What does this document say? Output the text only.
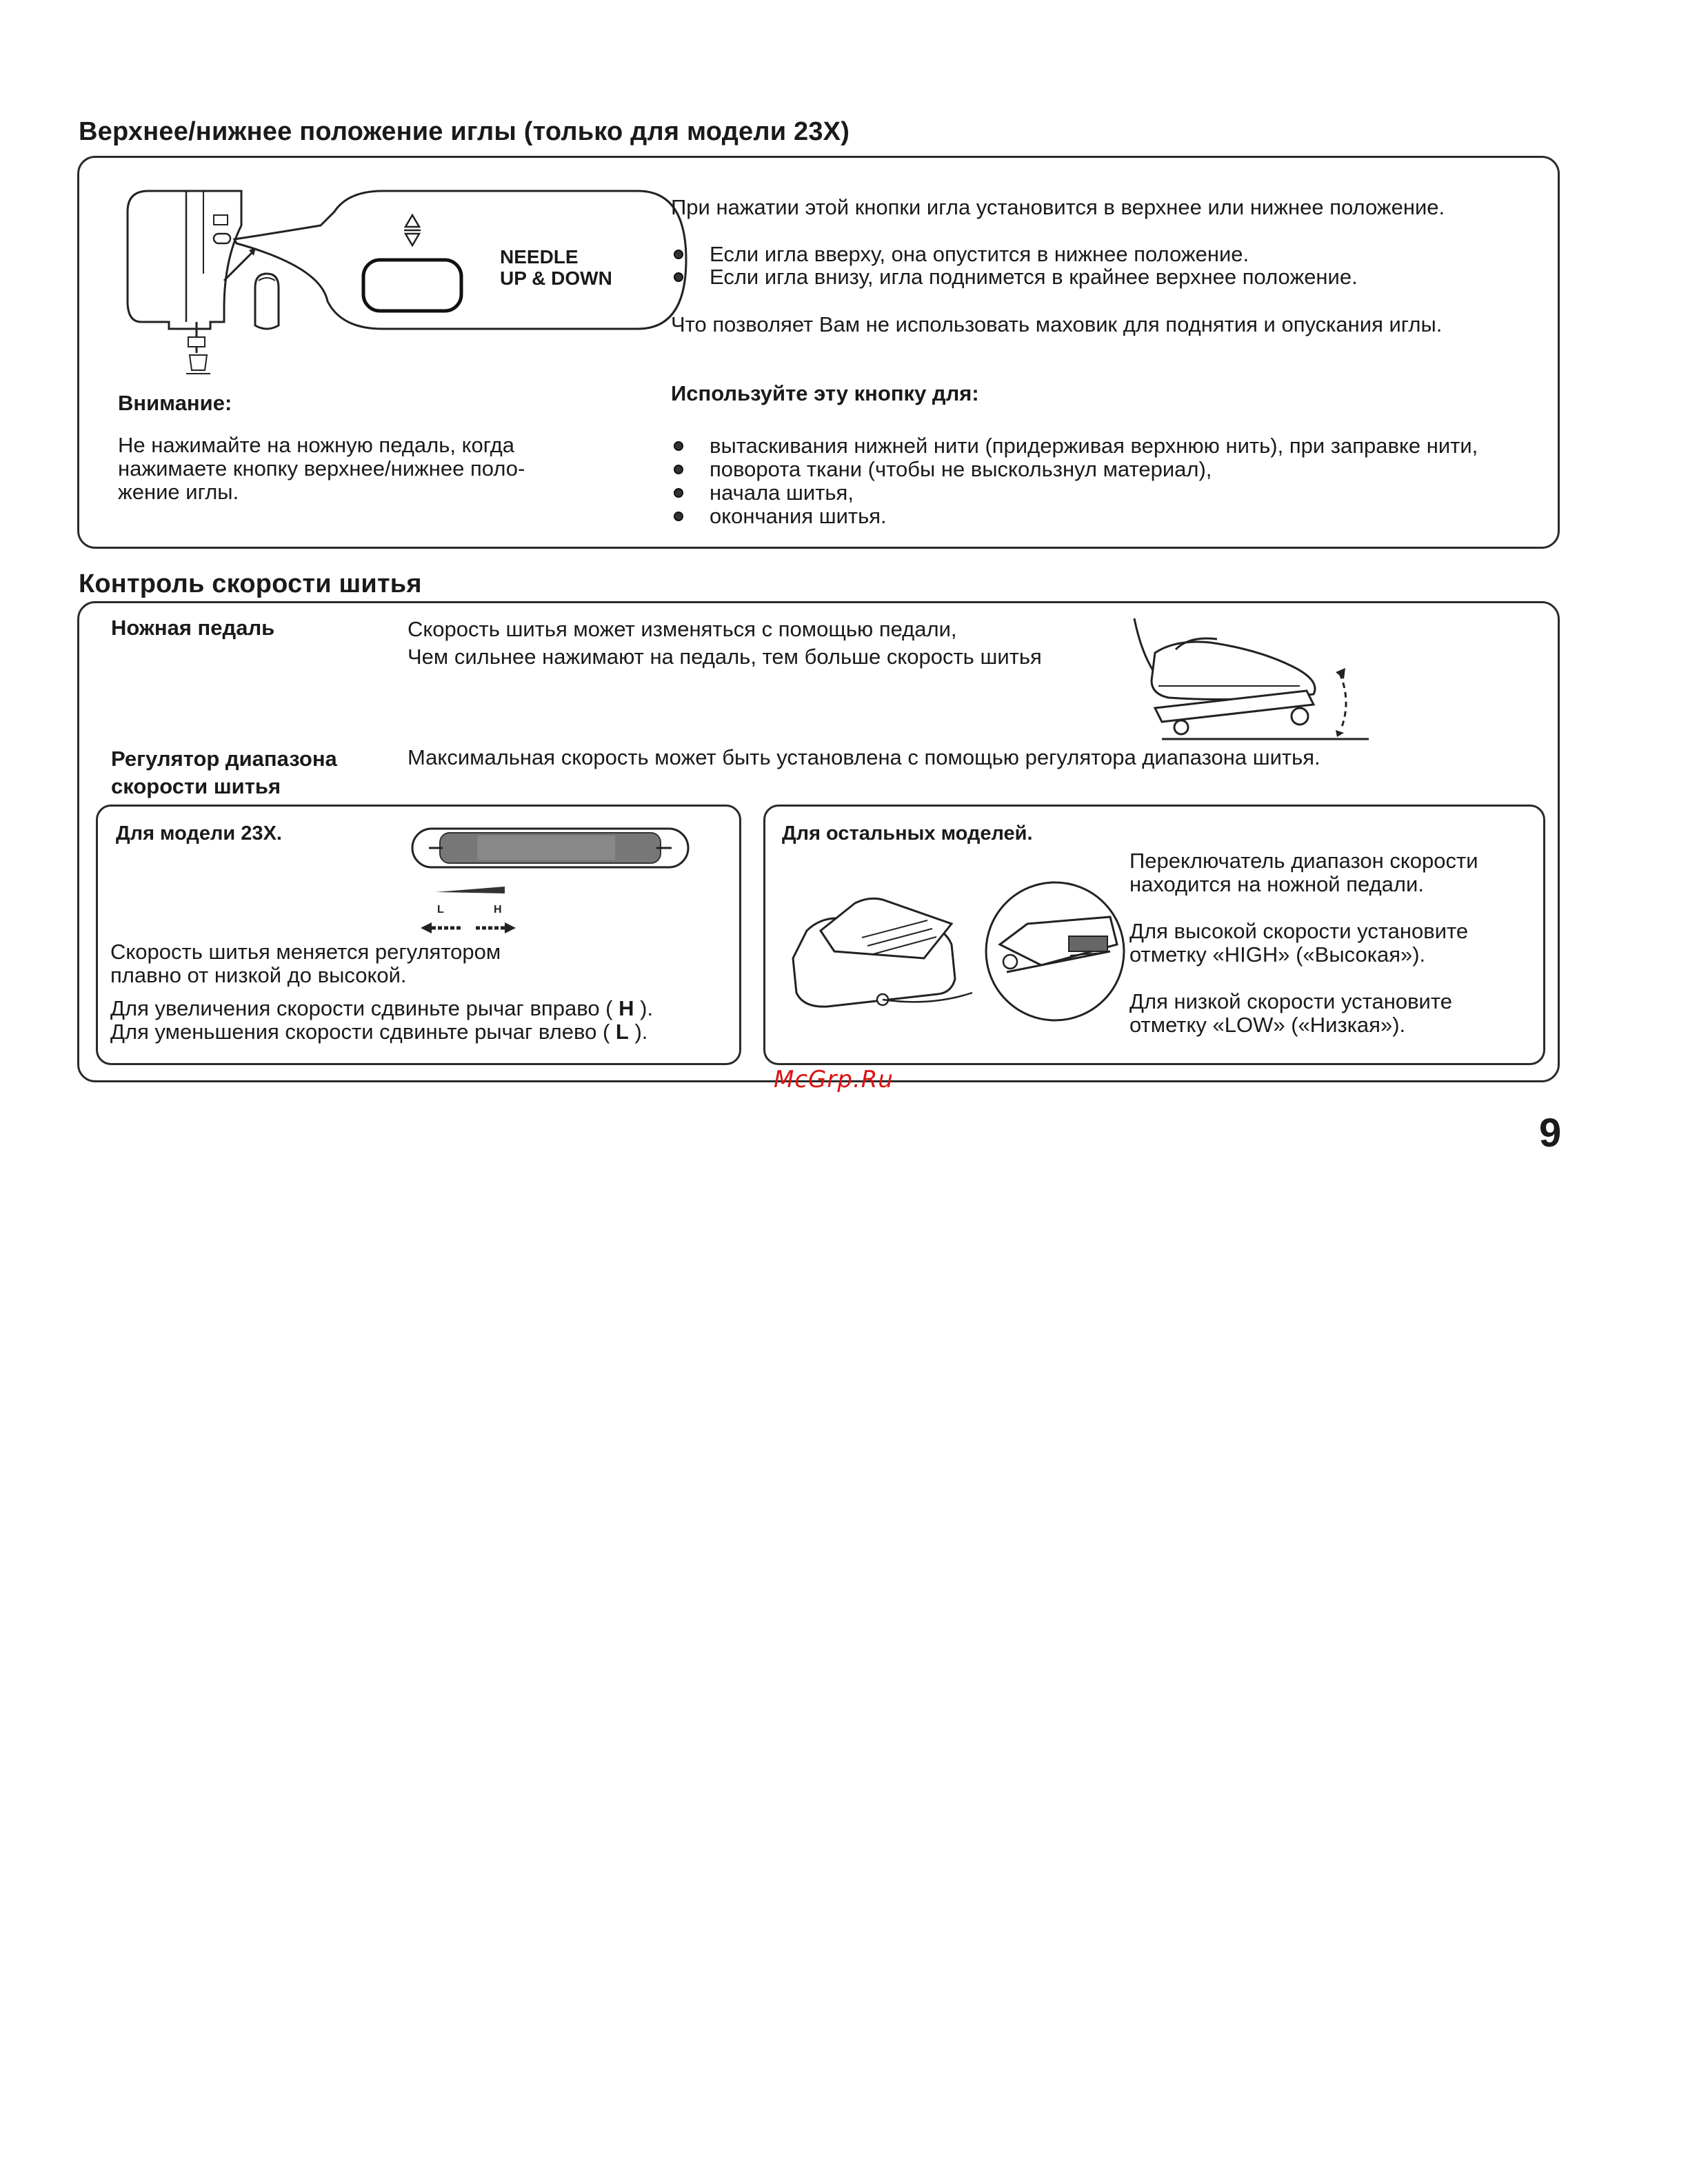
Верхнее/нижнее положение иглы (только для модели 23X)
NEEDLE
UP & DOWN
При нажатии этой кнопки игла установится в верхнее или нижнее положение.
Если игла вверху, она опустится в нижнее положение.
Если игла внизу, игла поднимется в крайнее верхнее положение.
Что позволяет Вам не использовать маховик для поднятия и опускания иглы.
Используйте эту кнопку для:
вытаскивания нижней нити (придерживая верхнюю нить), при заправке нити,
поворота ткани (чтобы не выскользнул материал),
начала шитья,
окончания шитья.
Внимание:
Не нажимайте на ножную педаль, когда
нажимаете кнопку верхнее/нижнее поло-
жение иглы.
Контроль скорости шитья
Ножная педаль	Скорость шитья может изменяться с помощью педали,
Чем сильнее нажимают на педаль, тем больше скорость шитья
Регулятор диапазона
скорости шитья
Максимальная скорость может быть установлена с помощью регулятора диапазона шитья.
Для модели 23X.
L	H
Скорость шитья меняется регулятором
плавно от низкой до высокой.
Для увеличения скорости сдвиньте рычаг вправо ( H ).
Для уменьшения скорости сдвиньте рычаг влево ( L ).
Для остальных моделей.
Переключатель диапазон скорости
находится на ножной педали.
Для высокой скорости установите
отметку «HIGH» («Высокая»).
Для низкой скорости установите
отметку «LOW» («Низкая»).
McGrp.Ru
9
